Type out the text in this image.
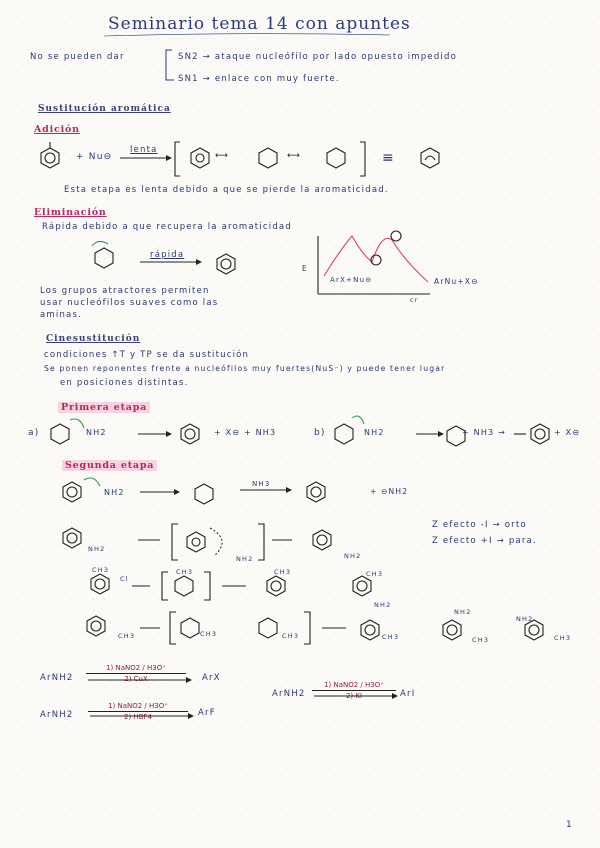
Seminario tema 14 con apuntes
No se pueden dar	SN2 → ataque nucleófilo por lado opuesto impedido
SN1 → enlace con muy fuerte.
Sustitución aromática
Adición
+ Nu⊖
lenta	≡
Esta etapa es lenta debido a que se pierde la aromaticidad.
Eliminación
Rápida debido a que recupera la aromaticidad
rápida
Los grupos atractores permiten
usar nucleófilos suaves como las
aminas.
E
ArX+Nu⊖	ArNu+X⊖
cr
Cinesustitución
condiciones ↑T y TP se da sustitución
Se ponen reponentes frente a nucleófilos muy fuertes(NuS⁻) y puede tener lugar
en posiciones distintas.
Primera etapa
a)	NH2	+ X⊖ + NH3	b)	NH2	+ NH3 →	+ X⊖
Segunda etapa
NH2
NH3
+ ⊖NH2
Z efecto -I → orto
Z efecto +I → para.
NH2
NH2	NH2
Cl
CH3	CH3	CH3	CH3
NH2
NH2
NH2
CH3	CH3	CH3	CH3	CH3	CH3
ArNH2
1) NaNO2 / H3O⁺
2) CuX	ArX
ArNH2
1) NaNO2 / H3O⁺
2) KI	ArI
ArNH2
1) NaNO2 / H3O⁺
2) HBF4	ArF
1
⟷	⟷
